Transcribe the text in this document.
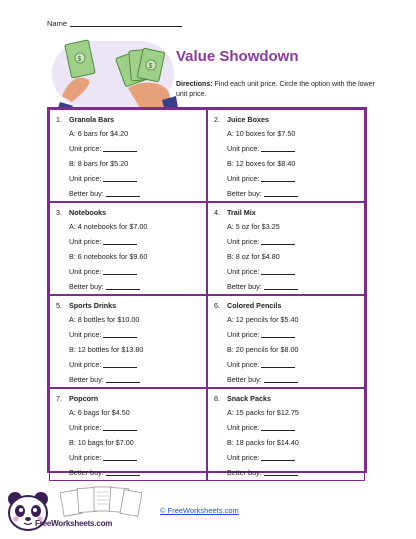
Name
$
$
Value Showdown
Directions: Find each unit price. Circle the option with the lower unit price.
1. Granola Bars
A: 6 bars for $4.20
Unit price:
B: 8 bars for $5.20
Unit price:
Better buy:
2. Juice Boxes
A: 10 boxes for $7.50
Unit price:
B: 12 boxes for $8.40
Unit price:
Better buy:
3. Notebooks
A: 4 notebooks for $7.00
Unit price:
B: 6 notebooks for $9.60
Unit price:
Better buy:
4. Trail Mix
A: 5 oz for $3.25
Unit price:
B: 8 oz for $4.80
Unit price:
Better buy:
5. Sports Drinks
A: 8 bottles for $10.00
Unit price:
B: 12 bottles for $13.80
Unit price:
Better buy:
6. Colored Pencils
A: 12 pencils for $5.40
Unit price:
B: 20 pencils for $8.00
Unit price:
Better buy:
7. Popcorn
A: 6 bags for $4.50
Unit price:
B: 10 bags for $7.00
Unit price:
Better buy:
8. Snack Packs
A: 15 packs for $12.75
Unit price:
B: 18 packs for $14.40
Unit price:
Better buy:
FreeWorksheets.com
© FreeWorksheets.com
